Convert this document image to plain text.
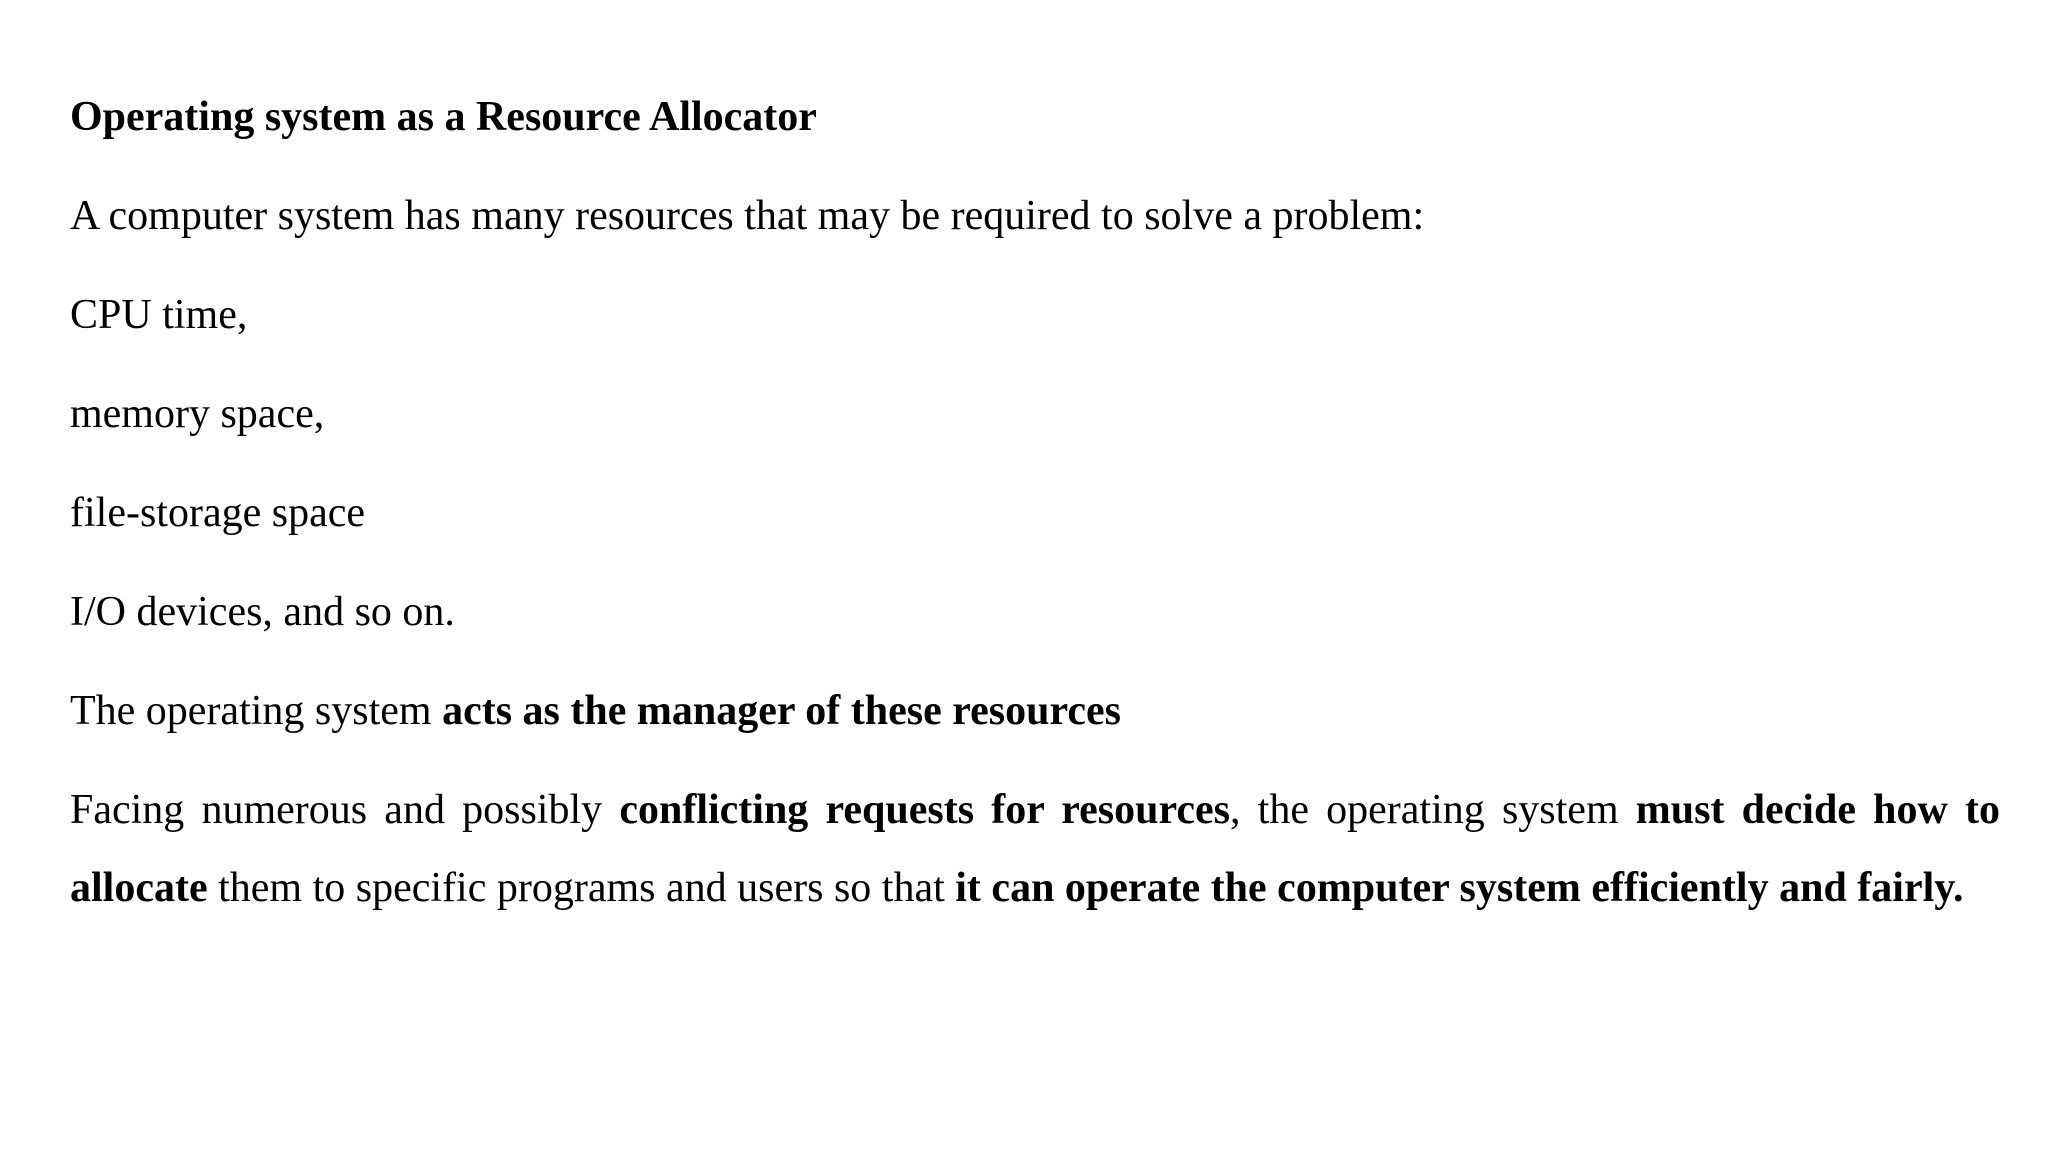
Operating system as a Resource Allocator

A computer system has many resources that may be required to solve a problem:

CPU time,

memory space,

file-storage space

I/O devices, and so on.

The operating system acts as the manager of these resources

Facing numerous and possibly conflicting requests for resources, the operating system must decide how to allocate them to specific programs and users so that it can operate the computer system efficiently and fairly.
